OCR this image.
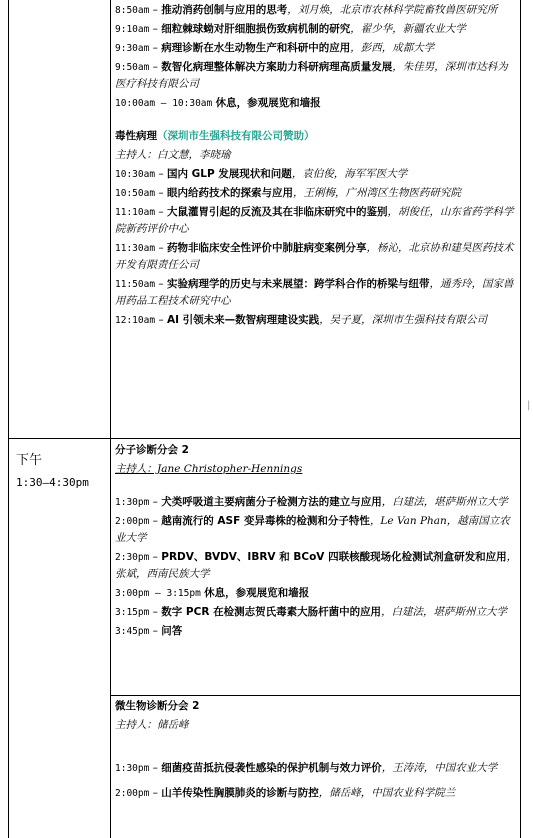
8:50am – 推动消药创制与应用的思考，刘月焕，北京市农林科学院畜牧兽医研究所
9:10am – 细粒棘球蚴对肝细胞损伤致病机制的研究，翟少华，新疆农业大学
9:30am – 病理诊断在水生动物生产和科研中的应用，彭西，成都大学
9:50am – 数智化病理整体解决方案助力科研病理高质量发展，朱佳男，深圳市达科为医疗科技有限公司
10:00am – 10:30am 休息，参观展览和墙报
毒性病理（深圳市生强科技有限公司赞助）
主持人：白文慧，李晓瑜
10:30am – 国内 GLP 发展现状和问题，袁伯俊，海军军医大学
10:50am – 眼内给药技术的探索与应用，王俐梅，广州湾区生物医药研究院
11:10am – 大鼠灌胃引起的反流及其在非临床研究中的鉴别，胡俊任，山东省药学科学院新药评价中心
11:30am – 药物非临床安全性评价中肺脏病变案例分享，杨沁，北京协和建昊医药技术开发有限责任公司
11:50am – 实验病理学的历史与未来展望：跨学科合作的桥梁与纽带，通秀玲，国家兽用药品工程技术研究中心
12:10am – AI 引领未来—数智病理建设实践，吴子夏，深圳市生强科技有限公司
下午
1:30–4:30pm
分子诊断分会 2
主持人：Jane Christopher-Hennings
1:30pm – 犬类呼吸道主要病菌分子检测方法的建立与应用，白建法，堪萨斯州立大学
2:00pm – 越南流行的 ASF 变异毒株的检测和分子特性，Le Van Phan，越南国立农业大学
2:30pm – PRDV、BVDV、IBRV 和 BCoV 四联核酸现场化检测试剂盒研发和应用，张斌，西南民族大学
3:00pm – 3:15pm 休息，参观展览和墙报
3:15pm – 数字 PCR 在检测志贺氏毒素大肠杆菌中的应用，白建法，堪萨斯州立大学
3:45pm – 问答
微生物诊断分会 2
主持人：储岳峰
1:30pm – 细菌疫苗抵抗侵袭性感染的保护机制与效力评价，王涛涛，中国农业大学
2:00pm – 山羊传染性胸膜肺炎的诊断与防控，储岳峰，中国农业科学院兰
|
